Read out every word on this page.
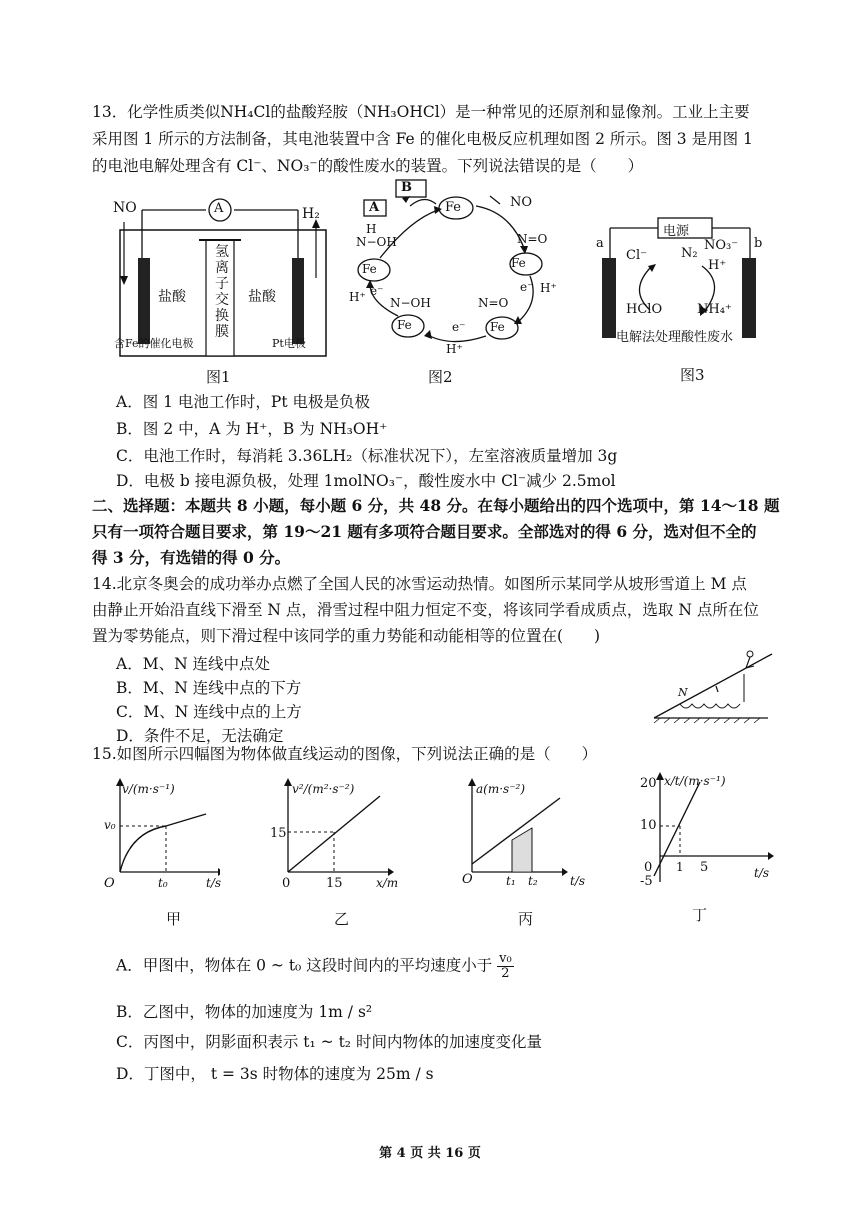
13．化学性质类似NH₄Cl的盐酸羟胺（NH₃OHCl）是一种常见的还原剂和显像剂。工业上主要
采用图 1 所示的方法制备，其电池装置中含 Fe 的催化电极反应机理如图 2 所示。图 3 是用图 1
的电池电解处理含有 Cl⁻、NO₃⁻的酸性废水的装置。下列说法错误的是（　　）
NO	H₂
A
氢
离
子
交
换
膜
盐酸	盐酸
含Fe的催化电极	Pt电极
图1
B
A	Fe
Fe
Fe
Fe	Fe
NO
H
N−OH	N=O
H⁺
e⁻
H⁺ e⁻
N−OH	N=O
e⁻
H⁺
图2
电源
a	b
Cl⁻	N₂
NO₃⁻
H⁺
HClO	NH₄⁺
电解法处理酸性废水
图3
A．图 1 电池工作时，Pt 电极是负极
B．图 2 中，A 为 H⁺，B 为 NH₃OH⁺
C．电池工作时，每消耗 3.36LH₂（标准状况下），左室溶液质量增加 3g
D．电极 b 接电源负极，处理 1molNO₃⁻，酸性废水中 Cl⁻减少 2.5mol
二、选择题：本题共 8 小题，每小题 6 分，共 48 分。在每小题给出的四个选项中，第 14～18 题
只有一项符合题目要求，第 19～21 题有多项符合题目要求。全部选对的得 6 分，选对但不全的
得 3 分，有选错的得 0 分。
14.北京冬奥会的成功举办点燃了全国人民的冰雪运动热情。如图所示某同学从坡形雪道上 M 点
由静止开始沿直线下滑至 N 点，滑雪过程中阻力恒定不变，将该同学看成质点，选取 N 点所在位
置为零势能点，则下滑过程中该同学的重力势能和动能相等的位置在(　　)
A．M、N 连线中点处
B．M、N 连线中点的下方
C．M、N 连线中点的上方
D．条件不足，无法确定
N
15.如图所示四幅图为物体做直线运动的图像，下列说法正确的是（　　）
v/(m·s⁻¹)
v₀
O	t₀	t/s
甲
v²/(m²·s⁻²)
15
0	15	x/m
乙
a(m·s⁻²)
O	t₁ t₂	t/s
丙
x/t/(m·s⁻¹)
20
10
0
-5
1 5	t/s
丁
A．甲图中，物体在 0 ~ t₀ 这段时间内的平均速度小于 $\frac{\text{v₀}}{2}$
B．乙图中，物体的加速度为 1m / s²
C．丙图中，阴影面积表示 t₁ ~ t₂ 时间内物体的加速度变化量
D．丁图中， t = 3s 时物体的速度为 25m / s
第 4 页 共 16 页
